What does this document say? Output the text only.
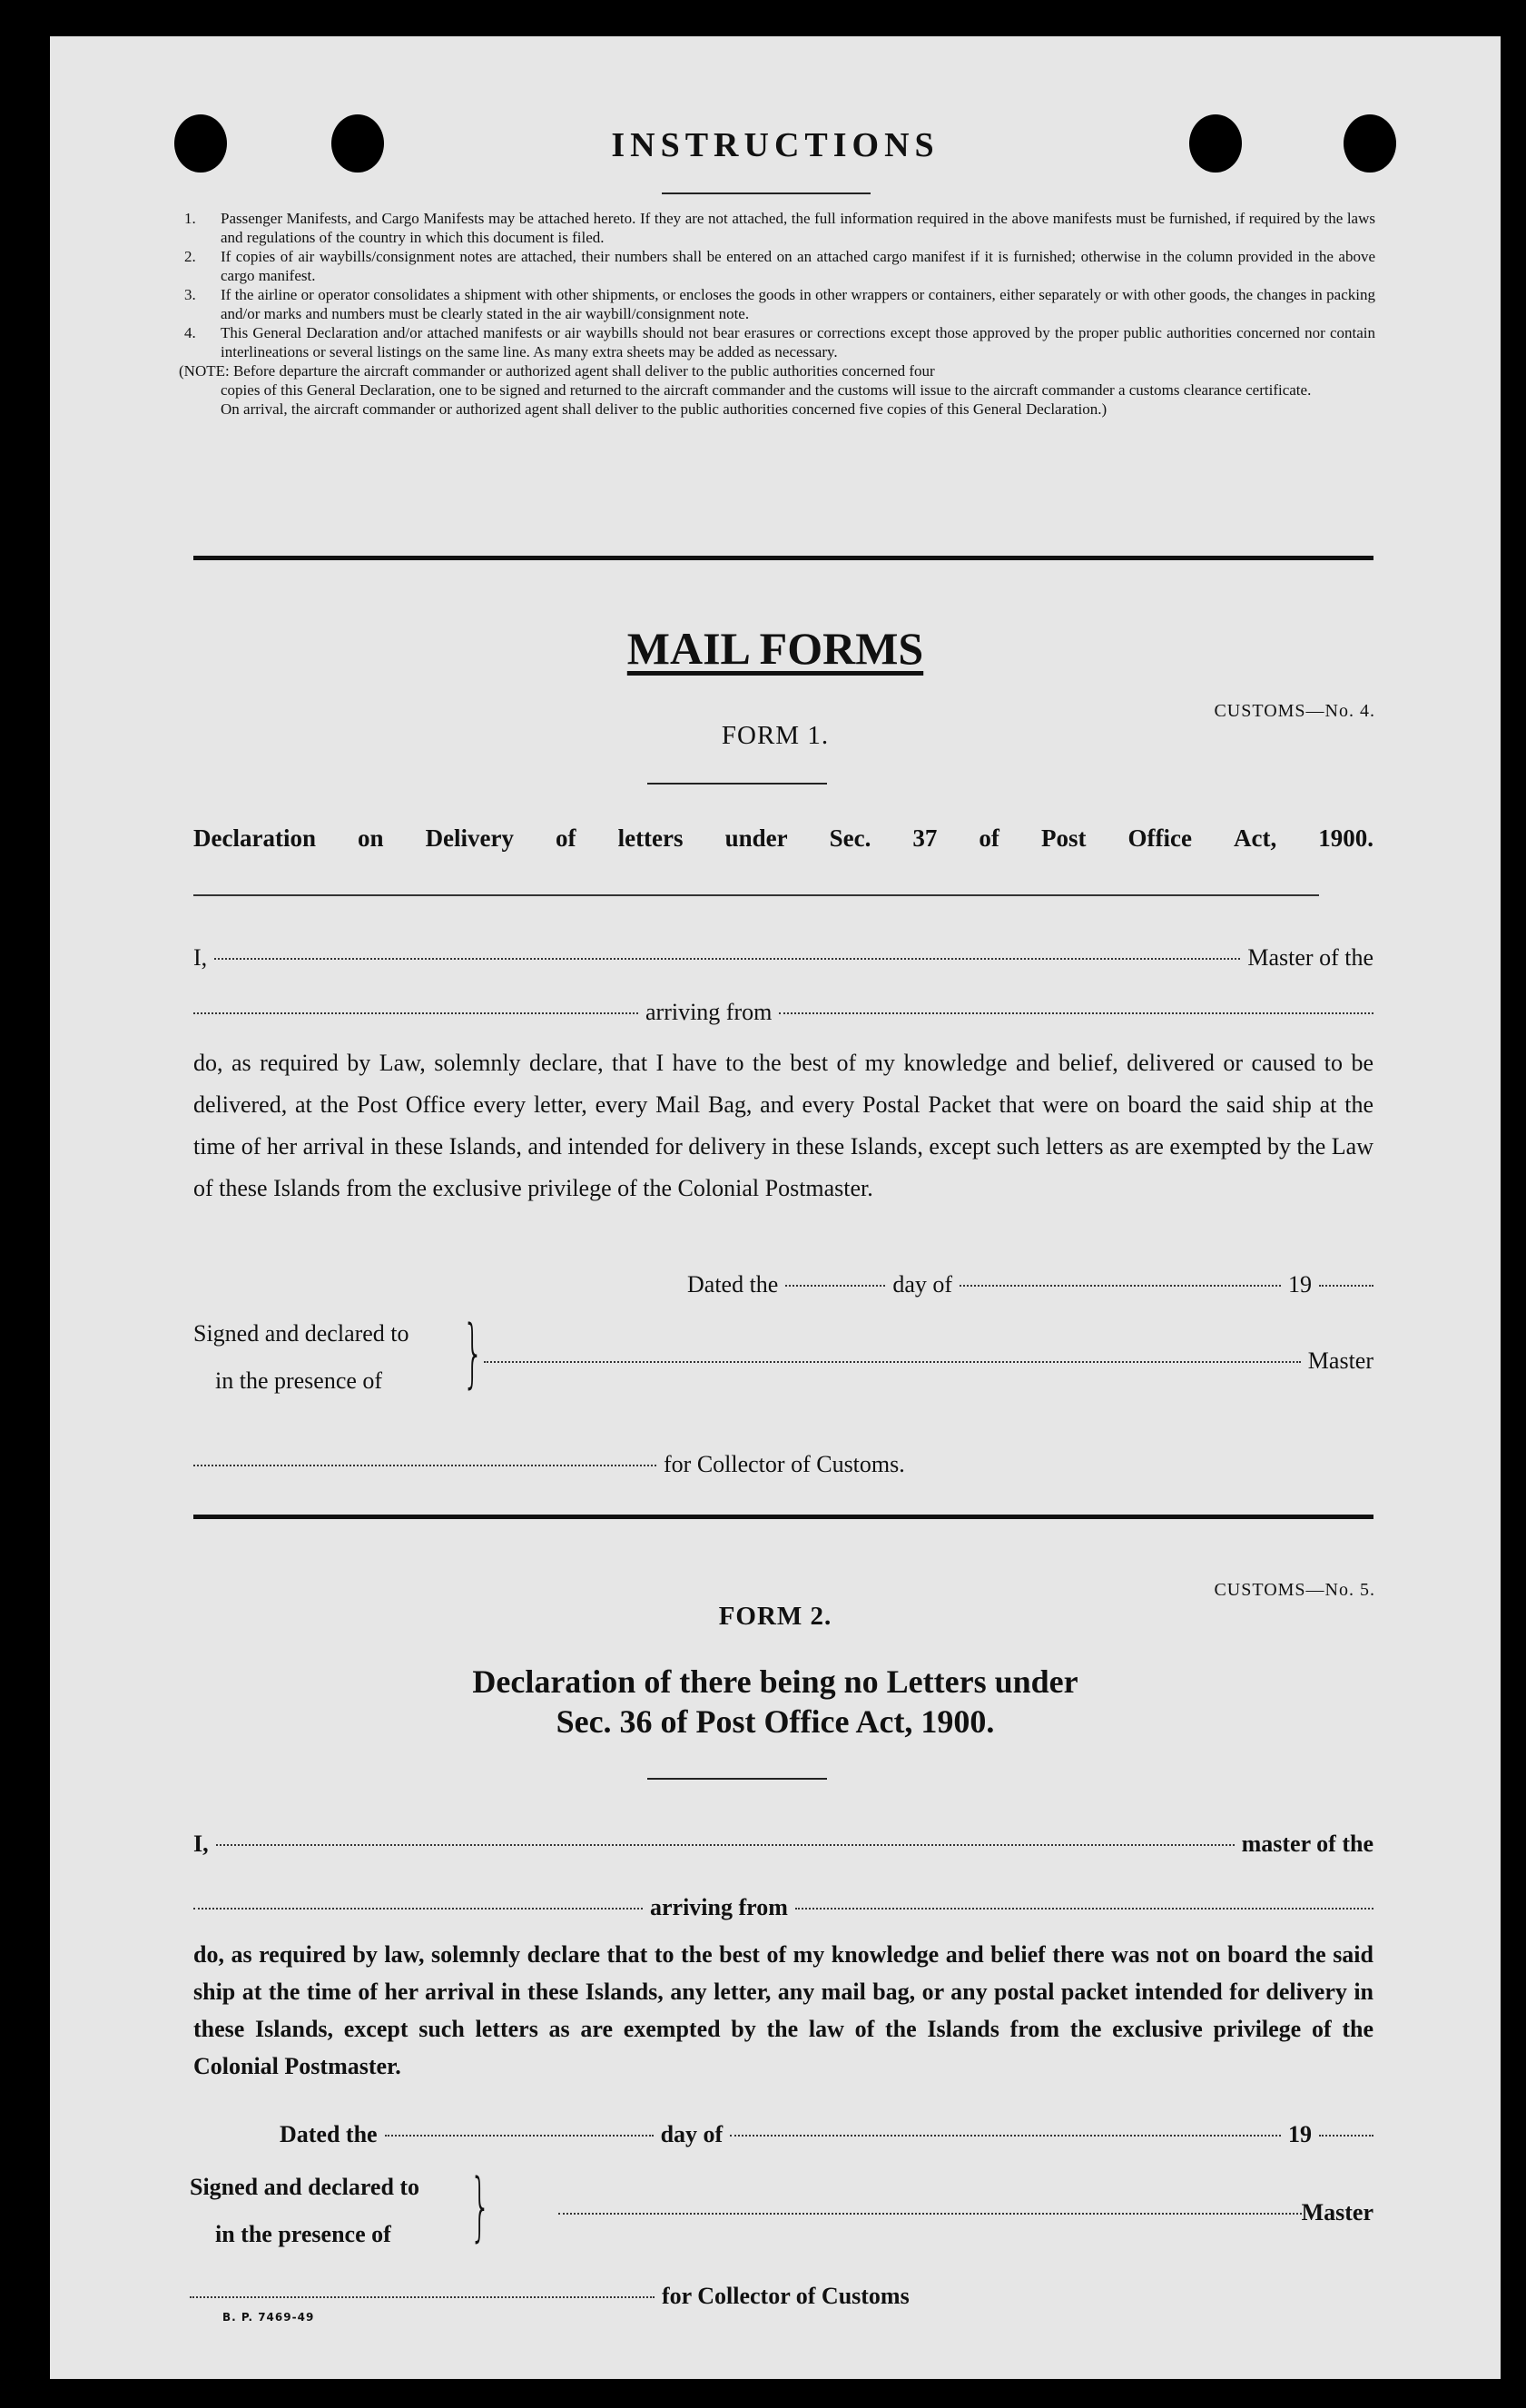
INSTRUCTIONS
1.	Passenger Manifests, and Cargo Manifests may be attached hereto. If they are not attached, the full information required in the above manifests must be furnished, if required by the laws and regulations of the country in which this document is filed.
2.	If copies of air waybills/consignment notes are attached, their numbers shall be entered on an attached cargo manifest if it is furnished; otherwise in the column provided in the above cargo manifest.
3.	If the airline or operator consolidates a shipment with other shipments, or encloses the goods in other wrappers or containers, either separately or with other goods, the changes in packing and/or marks and numbers must be clearly stated in the air waybill/consignment note.
4.	This General Declaration and/or attached manifests or air waybills should not bear erasures or corrections except those approved by the proper public authorities concerned nor contain interlineations or several listings on the same line. As many extra sheets may be added as necessary.
(NOTE: Before departure the aircraft commander or authorized agent shall deliver to the public authorities concerned four
copies of this General Declaration, one to be signed and returned to the aircraft commander and the customs will issue to the aircraft commander a customs clearance certificate.
On arrival, the aircraft commander or authorized agent shall deliver to the public authorities concerned five copies of this General Declaration.)
MAIL FORMS
CUSTOMS—No. 4.
FORM 1.
Declaration on Delivery of letters under Sec. 37 of Post Office Act, 1900.
I,	Master of the
arriving from
do, as required by Law, solemnly declare, that I have to the best of my knowledge and belief, delivered or caused to be delivered, at the Post Office every letter, every Mail Bag, and every Postal Packet that were on board the said ship at the time of her arrival in these Islands, and intended for delivery in these Islands, except such letters as are exempted by the Law of these Islands from the exclusive privilege of the Colonial Postmaster.
Dated the	day of	19
Signed and declared to
in the presence of }	Master
for Collector of Customs.
CUSTOMS—No. 5.
FORM 2.
Declaration of there being no Letters under
Sec. 36 of Post Office Act, 1900.
I,	master of the
arriving from
do, as required by law, solemnly declare that to the best of my knowledge and belief there was not on board the said ship at the time of her arrival in these Islands, any letter, any mail bag, or any postal packet intended for delivery in these Islands, except such letters as are exempted by the law of the Islands from the exclusive privilege of the Colonial Postmaster.
Dated the	day of	19
Signed and declared to
in the presence of }	Master
for Collector of Customs
B. P. 7469-49
